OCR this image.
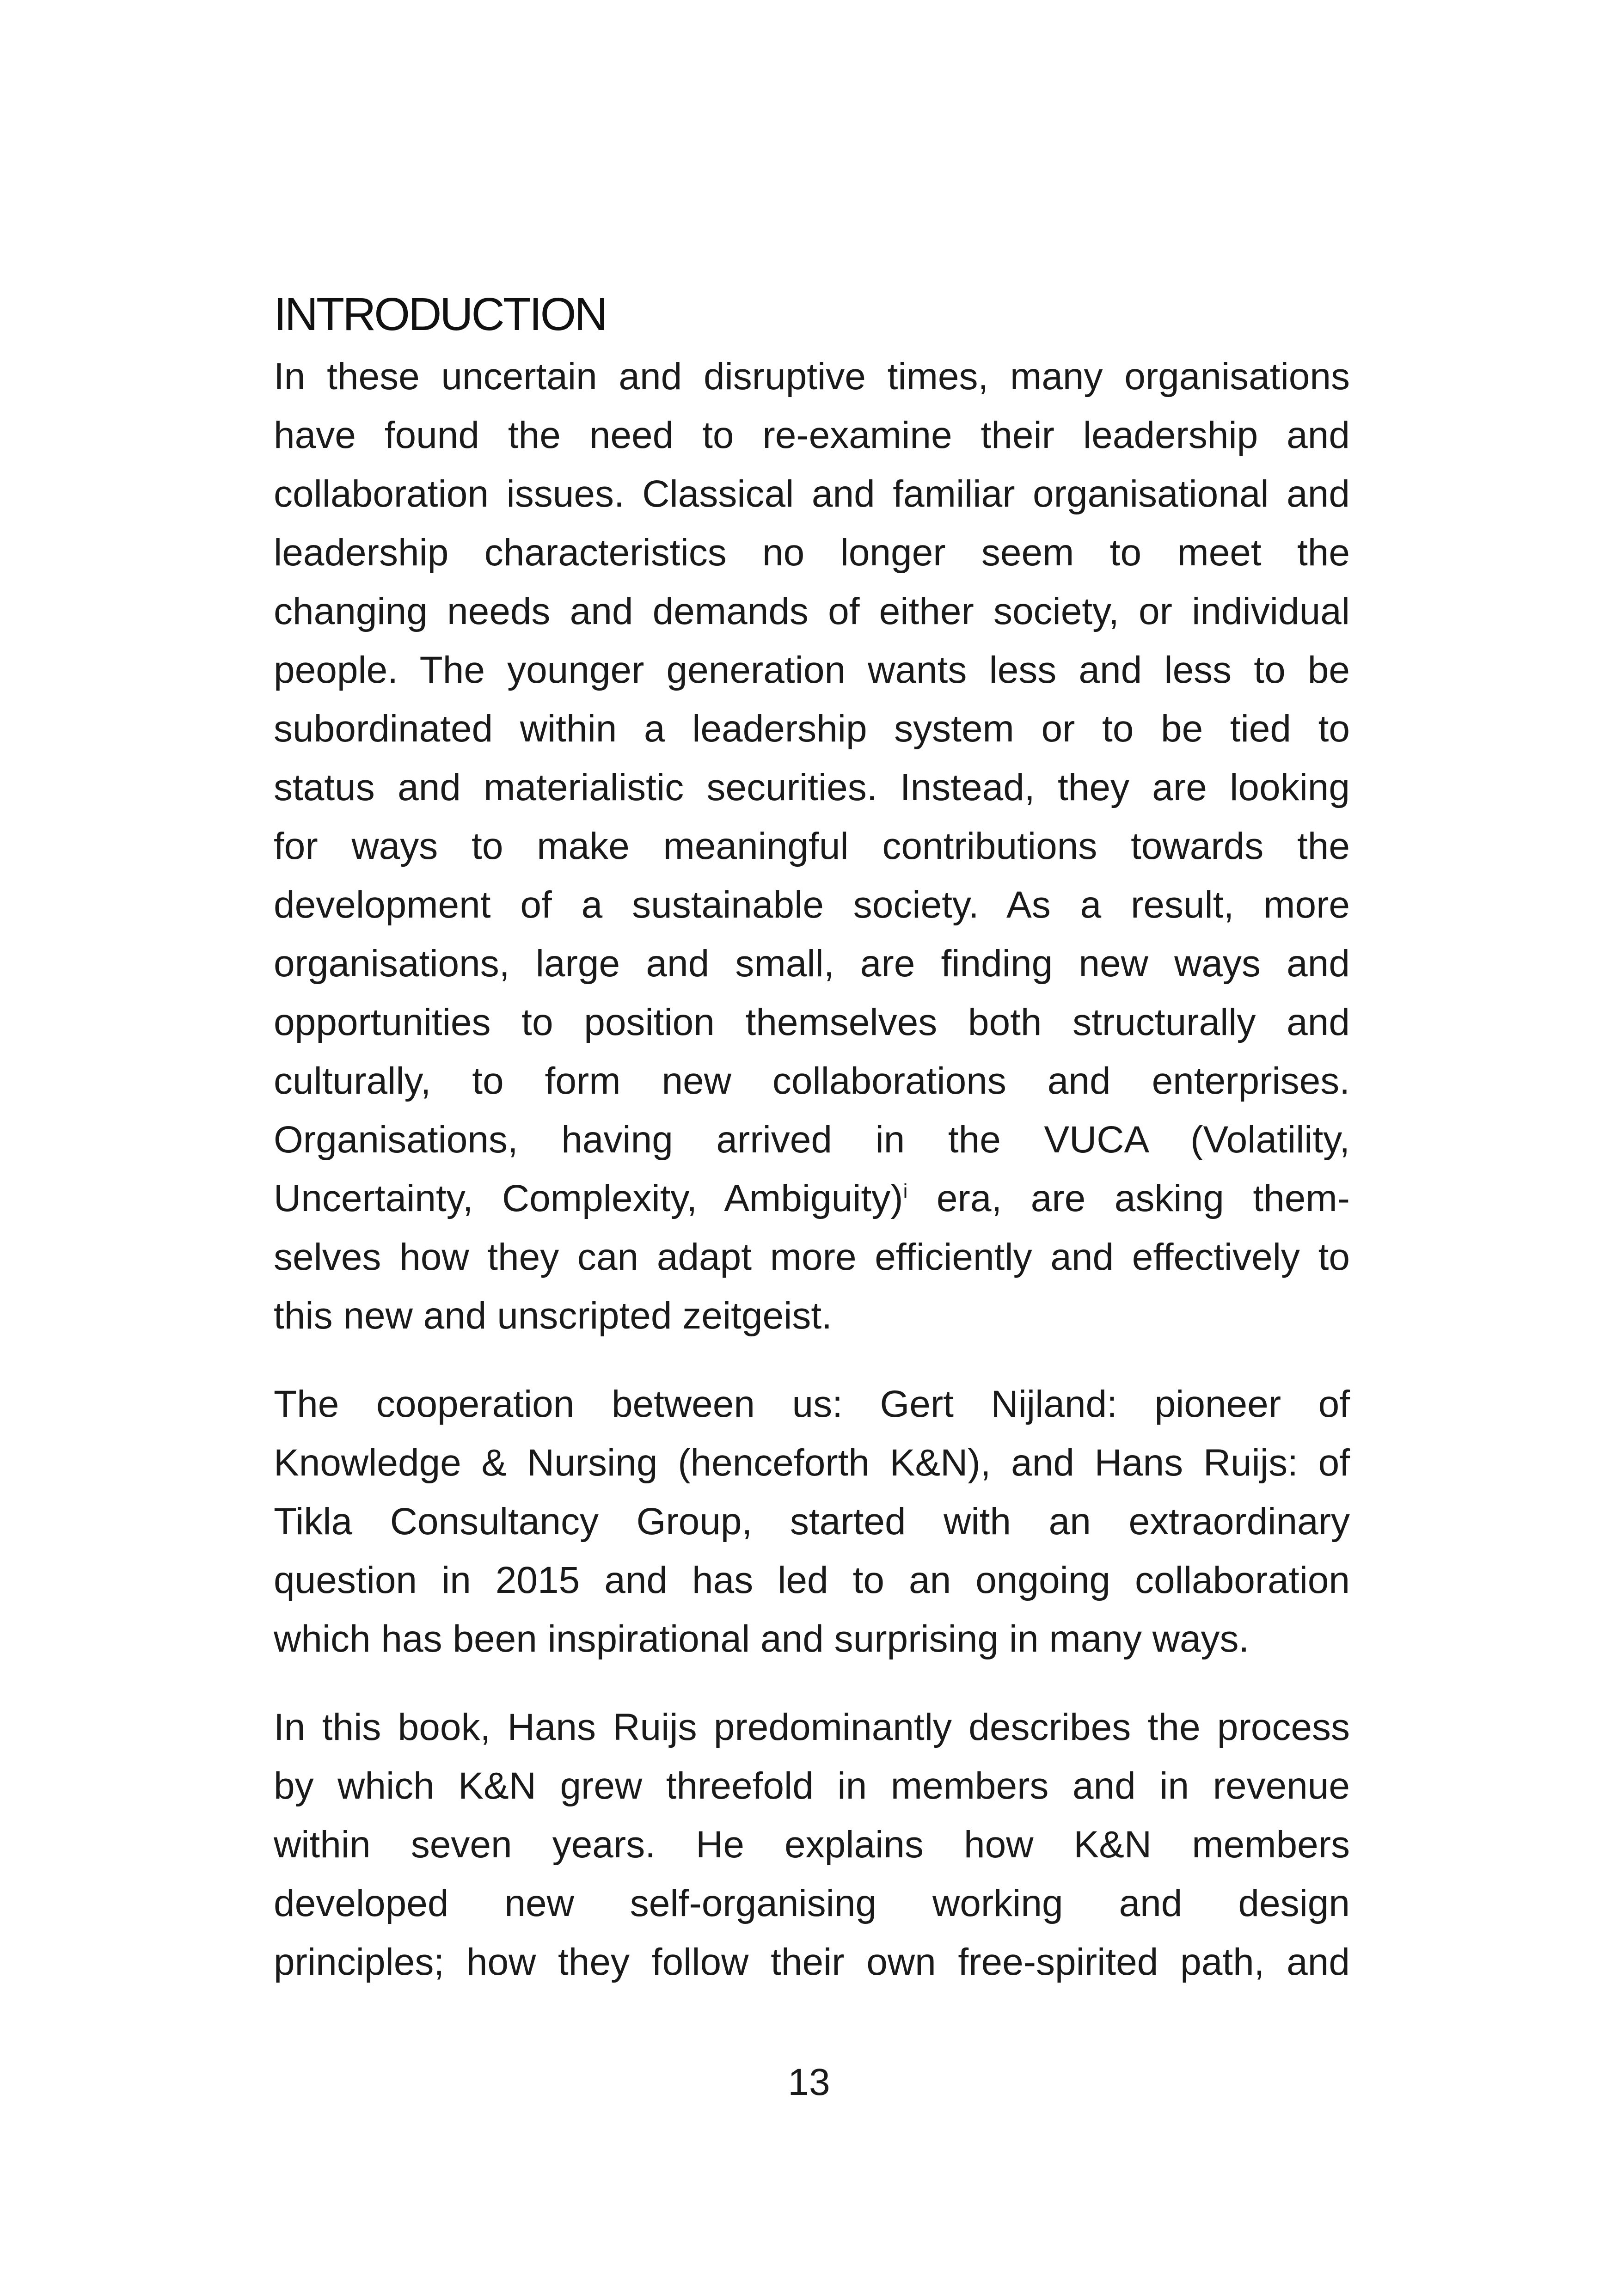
INTRODUCTION

In these uncertain and disruptive times, many organisations
have found the need to re-examine their leadership and
collaboration issues. Classical and familiar organisational and
leadership characteristics no longer seem to meet the
changing needs and demands of either society, or individual
people. The younger generation wants less and less to be
subordinated within a leadership system or to be tied to
status and materialistic securities. Instead, they are looking
for ways to make meaningful contributions towards the
development of a sustainable society. As a result, more
organisations, large and small, are finding new ways and
opportunities to position themselves both structurally and
culturally, to form new collaborations and enterprises.
Organisations, having arrived in the VUCA (Volatility,
Uncertainty, Complexity, Ambiguity)$^i$ era, are asking them-
selves how they can adapt more efficiently and effectively to
this new and unscripted zeitgeist.

The cooperation between us: Gert Nijland: pioneer of
Knowledge & Nursing (henceforth K&N), and Hans Ruijs: of
Tikla Consultancy Group, started with an extraordinary
question in 2015 and has led to an ongoing collaboration
which has been inspirational and surprising in many ways.

In this book, Hans Ruijs predominantly describes the process
by which K&N grew threefold in members and in revenue
within seven years. He explains how K&N members
developed new self-organising working and design
principles; how they follow their own free-spirited path, and

13
